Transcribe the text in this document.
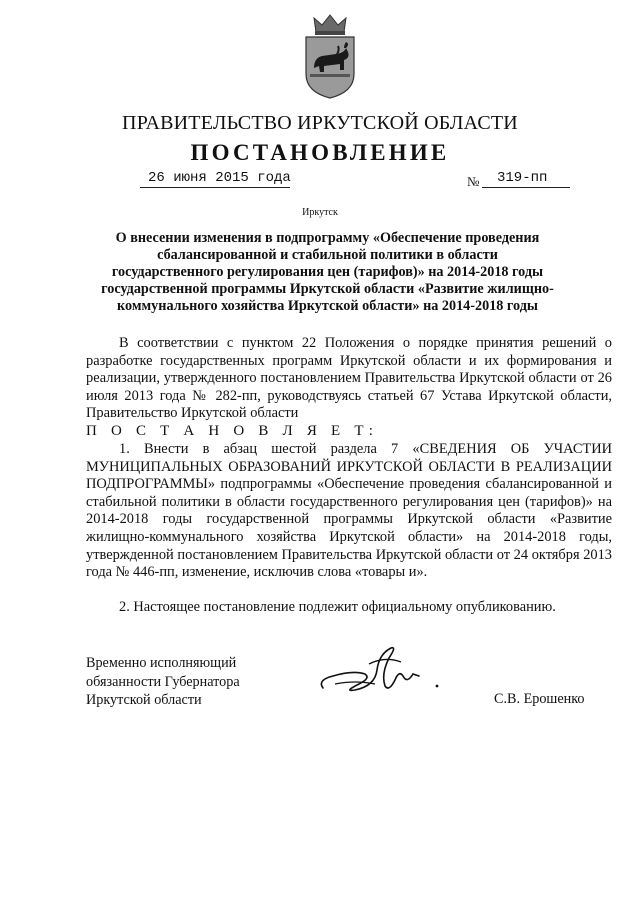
ПРАВИТЕЛЬСТВО ИРКУТСКОЙ ОБЛАСТИ
ПОСТАНОВЛЕНИЕ
26 июня 2015 года	№ 319-пп
Иркутск
О внесении изменения в подпрограмму «Обеспечение проведения сбалансированной и стабильной политики в области государственного регулирования цен (тарифов)» на 2014-2018 годы государственной программы Иркутской области «Развитие жилищно-коммунального хозяйства Иркутской области» на 2014-2018 годы
В соответствии с пунктом 22 Положения о порядке принятия решений о разработке государственных программ Иркутской области и их формирования и реализации, утвержденного постановлением Правительства Иркутской области от 26 июля 2013 года № 282-пп, руководствуясь статьей 67 Устава Иркутской области, Правительство Иркутской области
П О С Т А Н О В Л Я Е Т:
1. Внести в абзац шестой раздела 7 «СВЕДЕНИЯ ОБ УЧАСТИИ МУНИЦИПАЛЬНЫХ ОБРАЗОВАНИЙ ИРКУТСКОЙ ОБЛАСТИ В РЕАЛИЗАЦИИ ПОДПРОГРАММЫ» подпрограммы «Обеспечение проведения сбалансированной и стабильной политики в области государственного регулирования цен (тарифов)» на 2014-2018 годы государственной программы Иркутской области «Развитие жилищно-коммунального хозяйства Иркутской области» на 2014-2018 годы, утвержденной постановлением Правительства Иркутской области от 24 октября 2013 года № 446-пп, изменение, исключив слова «товары и».
2. Настоящее постановление подлежит официальному опубликованию.
Временно исполняющий
обязанности Губернатора
Иркутской области	С.В. Ерошенко
